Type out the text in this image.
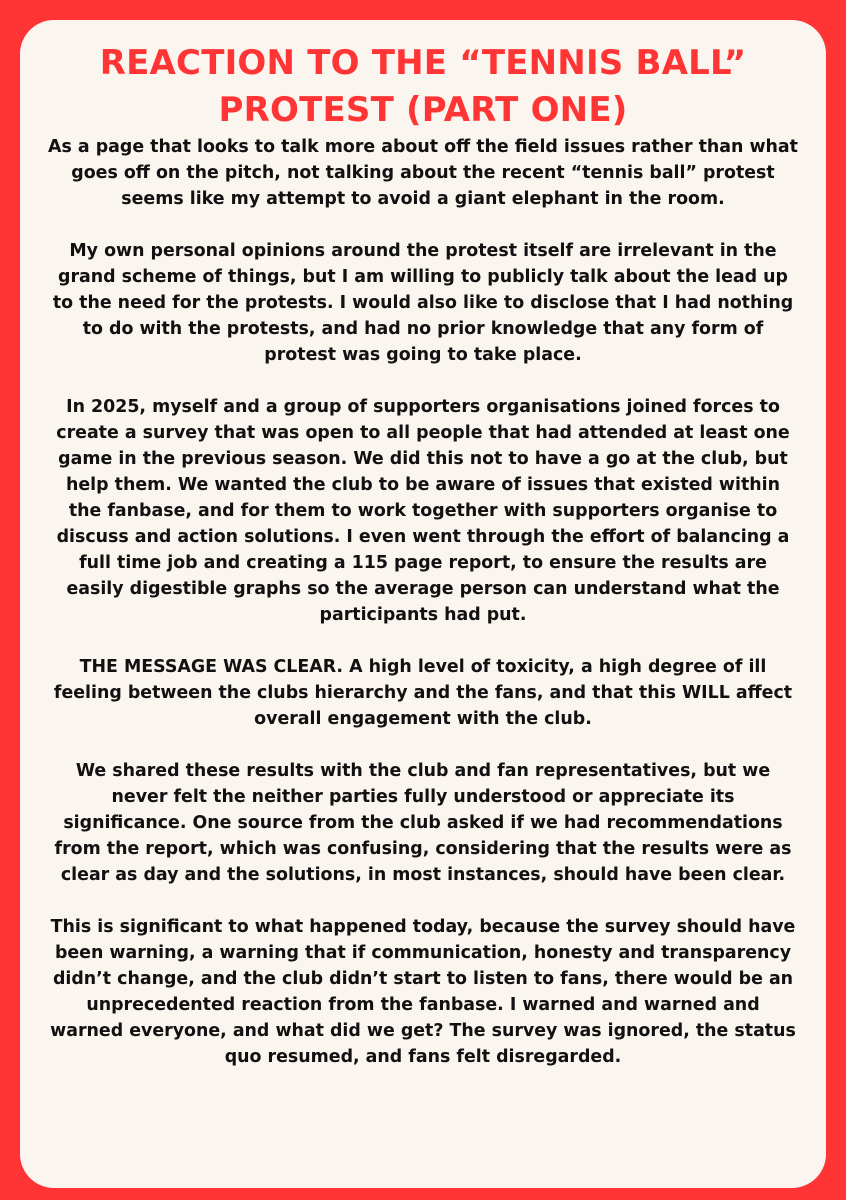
REACTION TO THE “TENNIS BALL” PROTEST (PART ONE)

As a page that looks to talk more about off the field issues rather than what goes off on the pitch, not talking about the recent “tennis ball” protest seems like my attempt to avoid a giant elephant in the room.

My own personal opinions around the protest itself are irrelevant in the grand scheme of things, but I am willing to publicly talk about the lead up to the need for the protests. I would also like to disclose that I had nothing to do with the protests, and had no prior knowledge that any form of protest was going to take place.

In 2025, myself and a group of supporters organisations joined forces to create a survey that was open to all people that had attended at least one game in the previous season. We did this not to have a go at the club, but help them. We wanted the club to be aware of issues that existed within the fanbase, and for them to work together with supporters organise to discuss and action solutions. I even went through the effort of balancing a full time job and creating a 115 page report, to ensure the results are easily digestible graphs so the average person can understand what the participants had put.

THE MESSAGE WAS CLEAR. A high level of toxicity, a high degree of ill feeling between the clubs hierarchy and the fans, and that this WILL affect overall engagement with the club.

We shared these results with the club and fan representatives, but we never felt the neither parties fully understood or appreciate its significance. One source from the club asked if we had recommendations from the report, which was confusing, considering that the results were as clear as day and the solutions, in most instances, should have been clear.

This is significant to what happened today, because the survey should have been warning, a warning that if communication, honesty and transparency didn’t change, and the club didn’t start to listen to fans, there would be an unprecedented reaction from the fanbase. I warned and warned and warned everyone, and what did we get? The survey was ignored, the status quo resumed, and fans felt disregarded.
